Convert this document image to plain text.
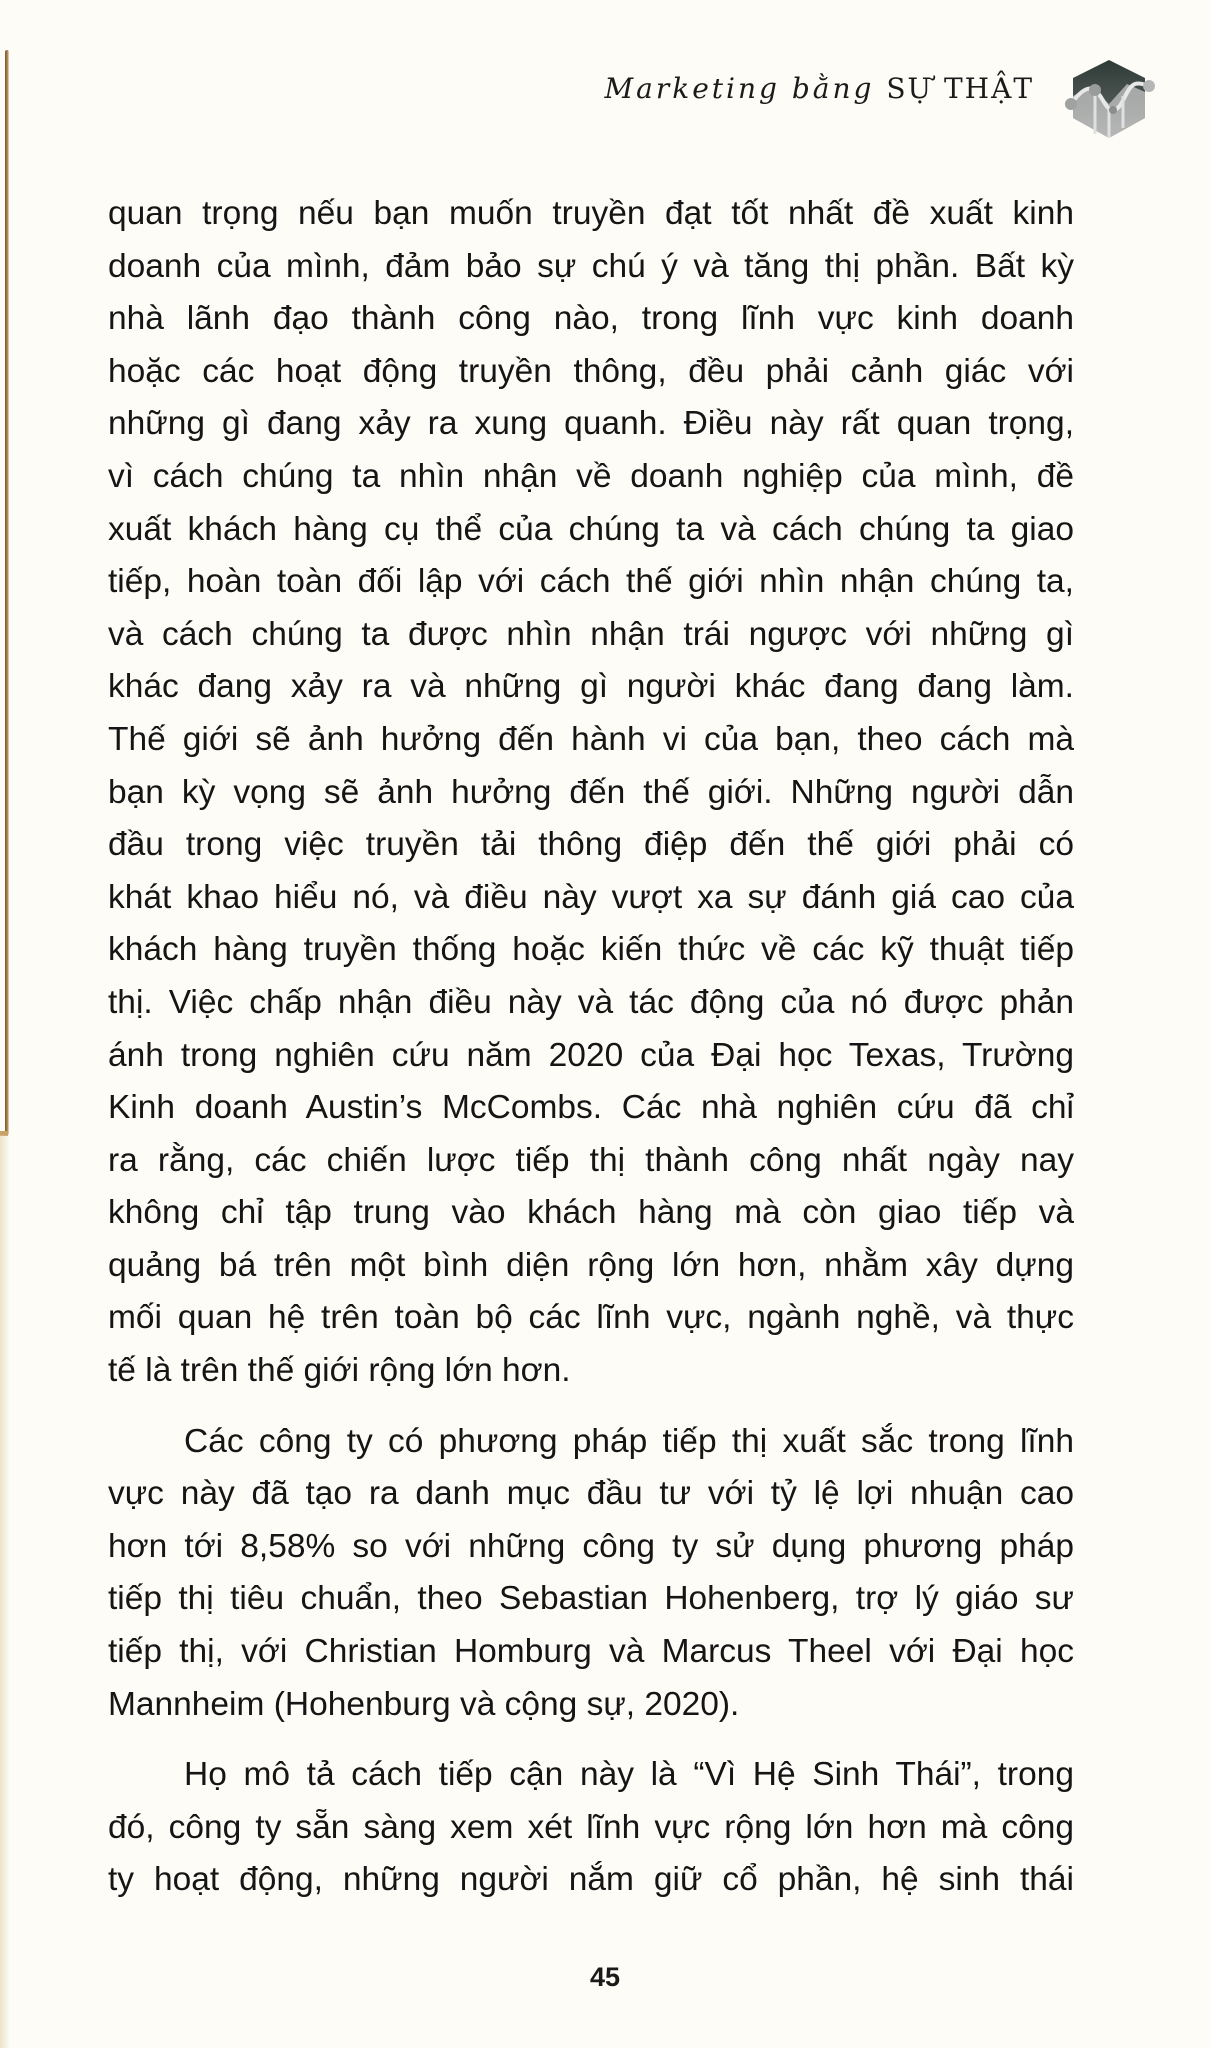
Marketing bằng SỰ THẬT

quan trọng nếu bạn muốn truyền đạt tốt nhất đề xuất kinh
doanh của mình, đảm bảo sự chú ý và tăng thị phần. Bất kỳ
nhà lãnh đạo thành công nào, trong lĩnh vực kinh doanh
hoặc các hoạt động truyền thông, đều phải cảnh giác với
những gì đang xảy ra xung quanh. Điều này rất quan trọng,
vì cách chúng ta nhìn nhận về doanh nghiệp của mình, đề
xuất khách hàng cụ thể của chúng ta và cách chúng ta giao
tiếp, hoàn toàn đối lập với cách thế giới nhìn nhận chúng ta,
và cách chúng ta được nhìn nhận trái ngược với những gì
khác đang xảy ra và những gì người khác đang đang làm.
Thế giới sẽ ảnh hưởng đến hành vi của bạn, theo cách mà
bạn kỳ vọng sẽ ảnh hưởng đến thế giới. Những người dẫn
đầu trong việc truyền tải thông điệp đến thế giới phải có
khát khao hiểu nó, và điều này vượt xa sự đánh giá cao của
khách hàng truyền thống hoặc kiến thức về các kỹ thuật tiếp
thị. Việc chấp nhận điều này và tác động của nó được phản
ánh trong nghiên cứu năm 2020 của Đại học Texas, Trường
Kinh doanh Austin’s McCombs. Các nhà nghiên cứu đã chỉ
ra rằng, các chiến lược tiếp thị thành công nhất ngày nay
không chỉ tập trung vào khách hàng mà còn giao tiếp và
quảng bá trên một bình diện rộng lớn hơn, nhằm xây dựng
mối quan hệ trên toàn bộ các lĩnh vực, ngành nghề, và thực
tế là trên thế giới rộng lớn hơn.

Các công ty có phương pháp tiếp thị xuất sắc trong lĩnh
vực này đã tạo ra danh mục đầu tư với tỷ lệ lợi nhuận cao
hơn tới 8,58% so với những công ty sử dụng phương pháp
tiếp thị tiêu chuẩn, theo Sebastian Hohenberg, trợ lý giáo sư
tiếp thị, với Christian Homburg và Marcus Theel với Đại học
Mannheim (Hohenburg và cộng sự, 2020).

Họ mô tả cách tiếp cận này là “Vì Hệ Sinh Thái”, trong
đó, công ty sẵn sàng xem xét lĩnh vực rộng lớn hơn mà công
ty hoạt động, những người nắm giữ cổ phần, hệ sinh thái

45
